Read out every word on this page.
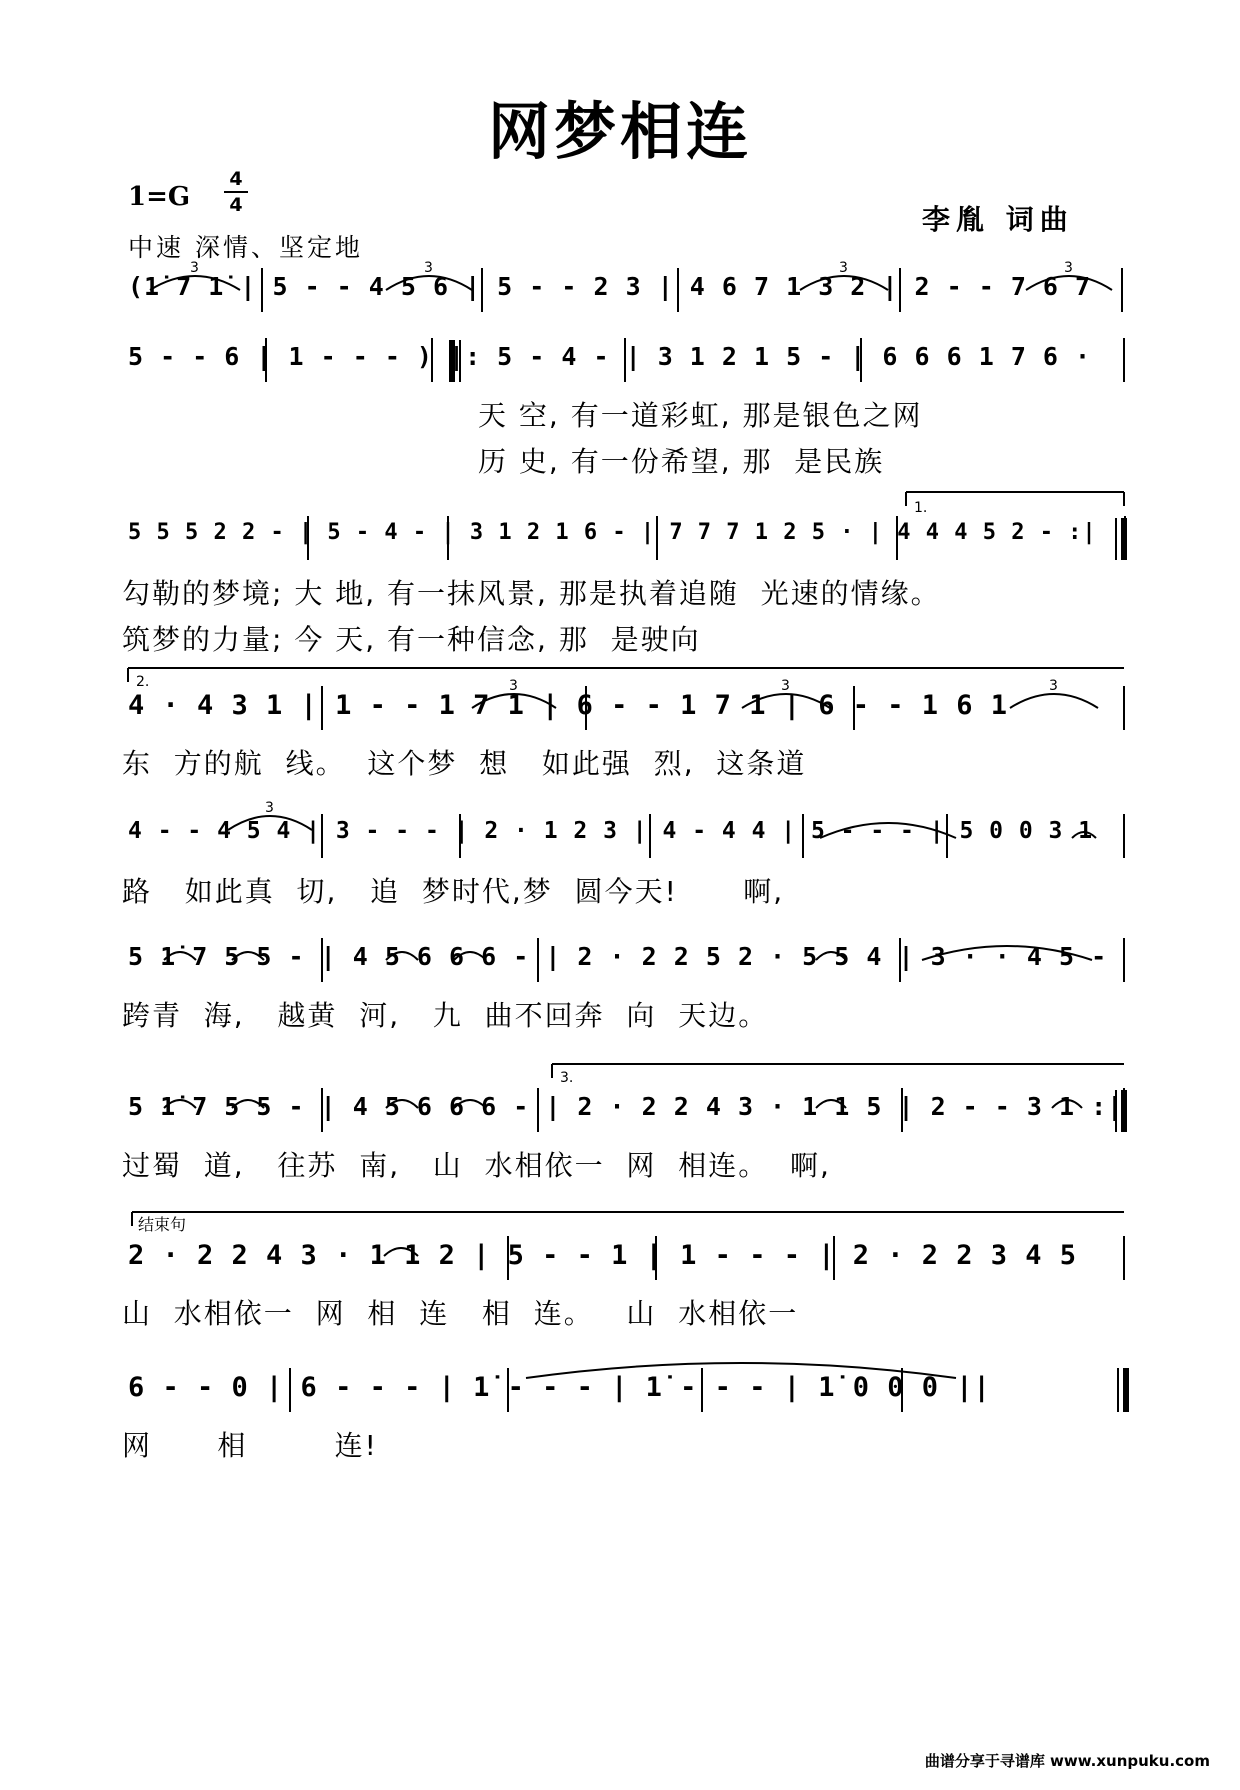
网梦相连
1=G
4
4
中速 深情、坚定地
李胤 词曲
1.
2.
3.
结束句
3	3	3	3
3	3	3
3
(1̇ 7 1̇ | 5 - - 4 5 6 | 5 - - 2 3 | 4 6 7 1 3 2 | 2 - - 7 6 7
5 - - 6 | 1 - - - ) |: 5 - 4 - | 3 1 2 1 5 - | 6 6 6 1 7 6 ·
天 空, 有一道彩虹, 那是银色之网
历 史, 有一份希望, 那  是民族
5 5 5 2 2 - | 5 - 4 - | 3 1 2 1 6 - | 7 7 7 1 2 5 · | 4 4 4 5 2 - :|
勾勒的梦境; 大 地, 有一抹风景, 那是执着追随  光速的情缘。
筑梦的力量; 今 天, 有一种信念, 那  是驶向
4 · 4 3 1 | 1 - - 1 7 1 | 6 - - 1 7 1 | 6 - - 1 6 1
东  方的航  线。  这个梦  想   如此强  烈,  这条道
4 - - 4 5 4 | 3 - - - | 2 · 1 2 3 | 4 - 4 4 | 5 - - - | 5 0 0 3 1
路   如此真  切,   追  梦时代,梦  圆今天!      啊,
5 1̇ 7 5 5 - | 4 5 6 6 6 - | 2 · 2 2 5 2 · 5 5 4 | 3 · · 4 5 -
跨青  海,   越黄  河,   九  曲不回奔  向  天边。
5 1̇ 7 5 5 - | 4 5 6 6 6 - | 2 · 2 2 4 3 · 1 1 5 | 2 - - 3 1 :|
过蜀  道,   往苏  南,   山  水相依一  网  相连。  啊,
2 · 2 2 4 3 · 1 1 2 | 5 - - 1 | 1 - - - | 2 · 2 2 3 4 5
山  水相依一  网  相  连   相  连。   山  水相依一
6 - - 0 | 6 - - - | 1̇ - - - | 1̇ - - - | 1̇ 0 0 0 ||
网      相        连!
曲谱分享于寻谱库 www.xunpuku.com
